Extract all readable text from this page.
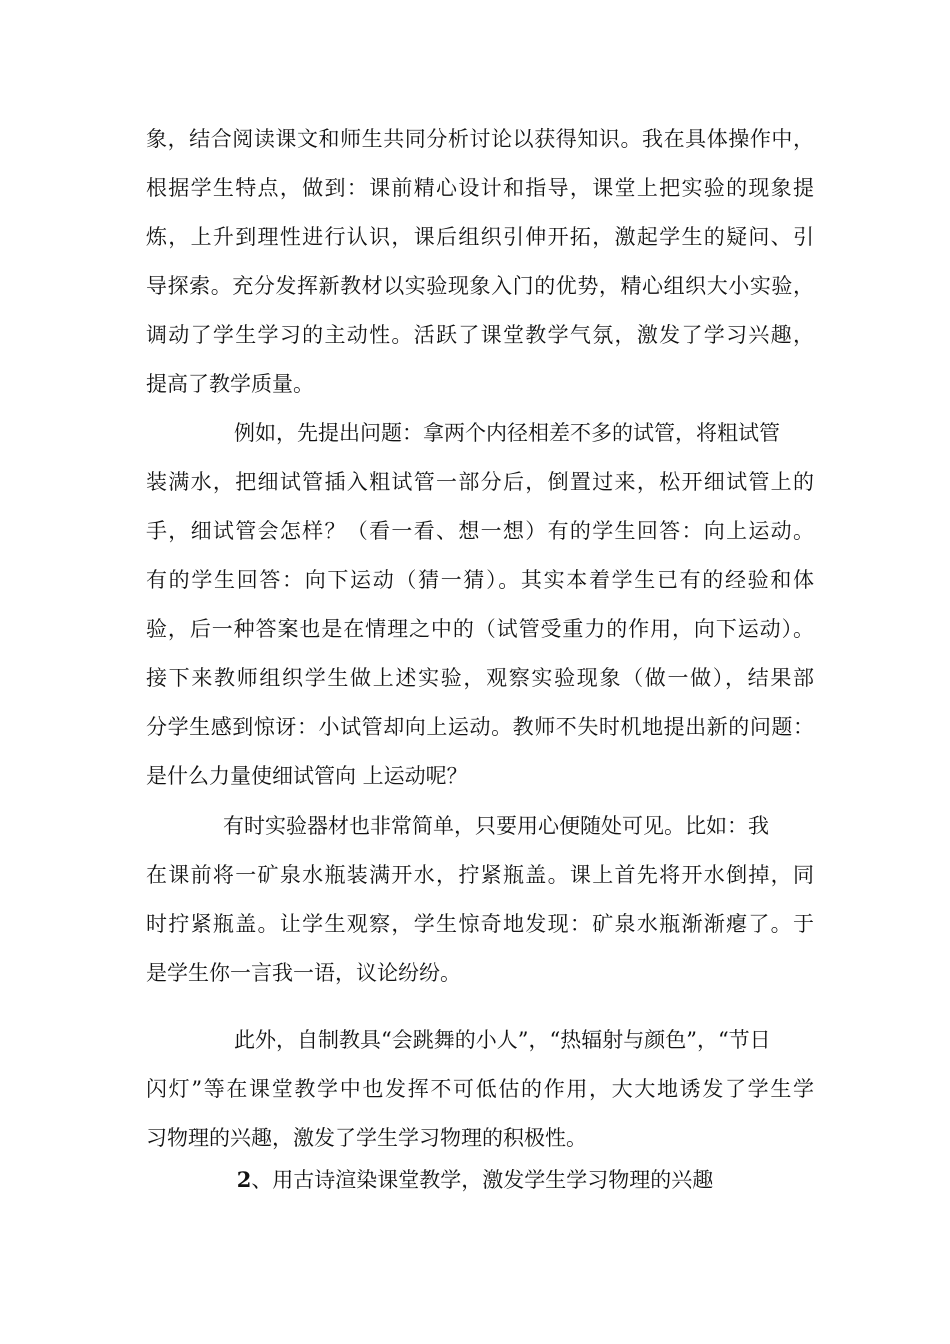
象，结合阅读课文和师生共同分析讨论以获得知识。我在具体操作中，
根据学生特点，做到：课前精心设计和指导，课堂上把实验的现象提
炼，上升到理性进行认识，课后组织引伸开拓，激起学生的疑问、引
导探索。充分发挥新教材以实验现象入门的优势，精心组织大小实验，
调动了学生学习的主动性。活跃了课堂教学气氛，激发了学习兴趣，
提高了教学质量。
例如，先提出问题：拿两个内径相差不多的试管，将粗试管
装满水，把细试管插入粗试管一部分后，倒置过来，松开细试管上的
手，细试管会怎样？（看一看、想一想）有的学生回答：向上运动。
有的学生回答：向下运动（猜一猜）。其实本着学生已有的经验和体
验，后一种答案也是在情理之中的（试管受重力的作用，向下运动）。
接下来教师组织学生做上述实验，观察实验现象（做一做），结果部
分学生感到惊讶：小试管却向上运动。教师不失时机地提出新的问题：
是什么力量使细试管向 上运动呢？
有时实验器材也非常简单，只要用心便随处可见。比如：我
在课前将一矿泉水瓶装满开水，拧紧瓶盖。课上首先将开水倒掉，同
时拧紧瓶盖。让学生观察，学生惊奇地发现：矿泉水瓶渐渐瘪了。于
是学生你一言我一语，议论纷纷。
此外，自制教具“会跳舞的小人”，“热辐射与颜色”，“节日
闪灯”等在课堂教学中也发挥不可低估的作用，大大地诱发了学生学
习物理的兴趣，激发了学生学习物理的积极性。
2、用古诗渲染课堂教学，激发学生学习物理的兴趣
